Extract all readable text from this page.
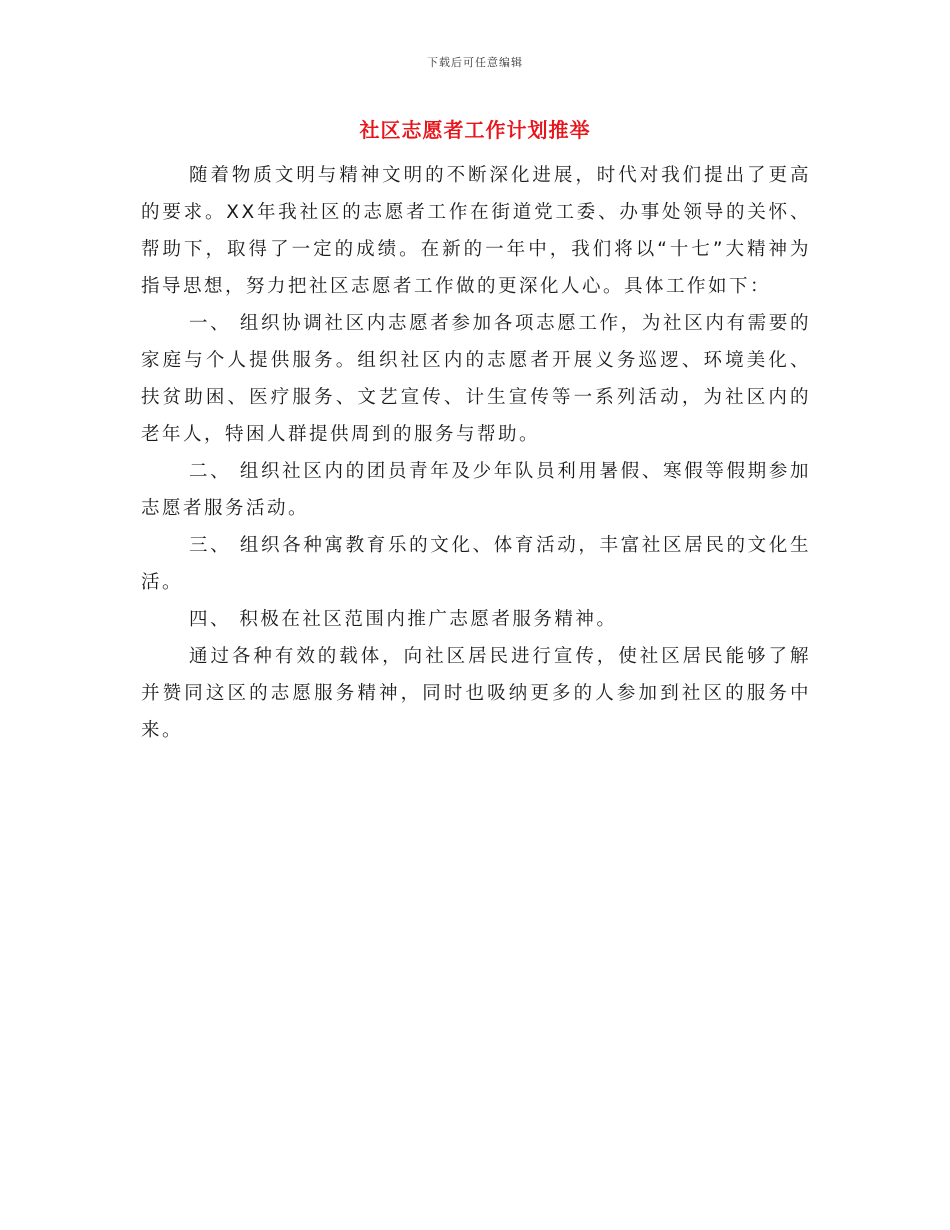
下载后可任意编辑
社区志愿者工作计划推举

随着物质文明与精神文明的不断深化进展，时代对我们提出了更高的要求。XX年我社区的志愿者工作在街道党工委、办事处领导的关怀、帮助下，取得了一定的成绩。在新的一年中，我们将以“十七”大精神为指导思想，努力把社区志愿者工作做的更深化人心。具体工作如下：

一、 组织协调社区内志愿者参加各项志愿工作，为社区内有需要的家庭与个人提供服务。组织社区内的志愿者开展义务巡逻、环境美化、扶贫助困、医疗服务、文艺宣传、计生宣传等一系列活动，为社区内的老年人，特困人群提供周到的服务与帮助。

二、 组织社区内的团员青年及少年队员利用暑假、寒假等假期参加志愿者服务活动。

三、 组织各种寓教育乐的文化、体育活动，丰富社区居民的文化生活。

四、 积极在社区范围内推广志愿者服务精神。

通过各种有效的载体，向社区居民进行宣传，使社区居民能够了解并赞同这区的志愿服务精神，同时也吸纳更多的人参加到社区的服务中来。
